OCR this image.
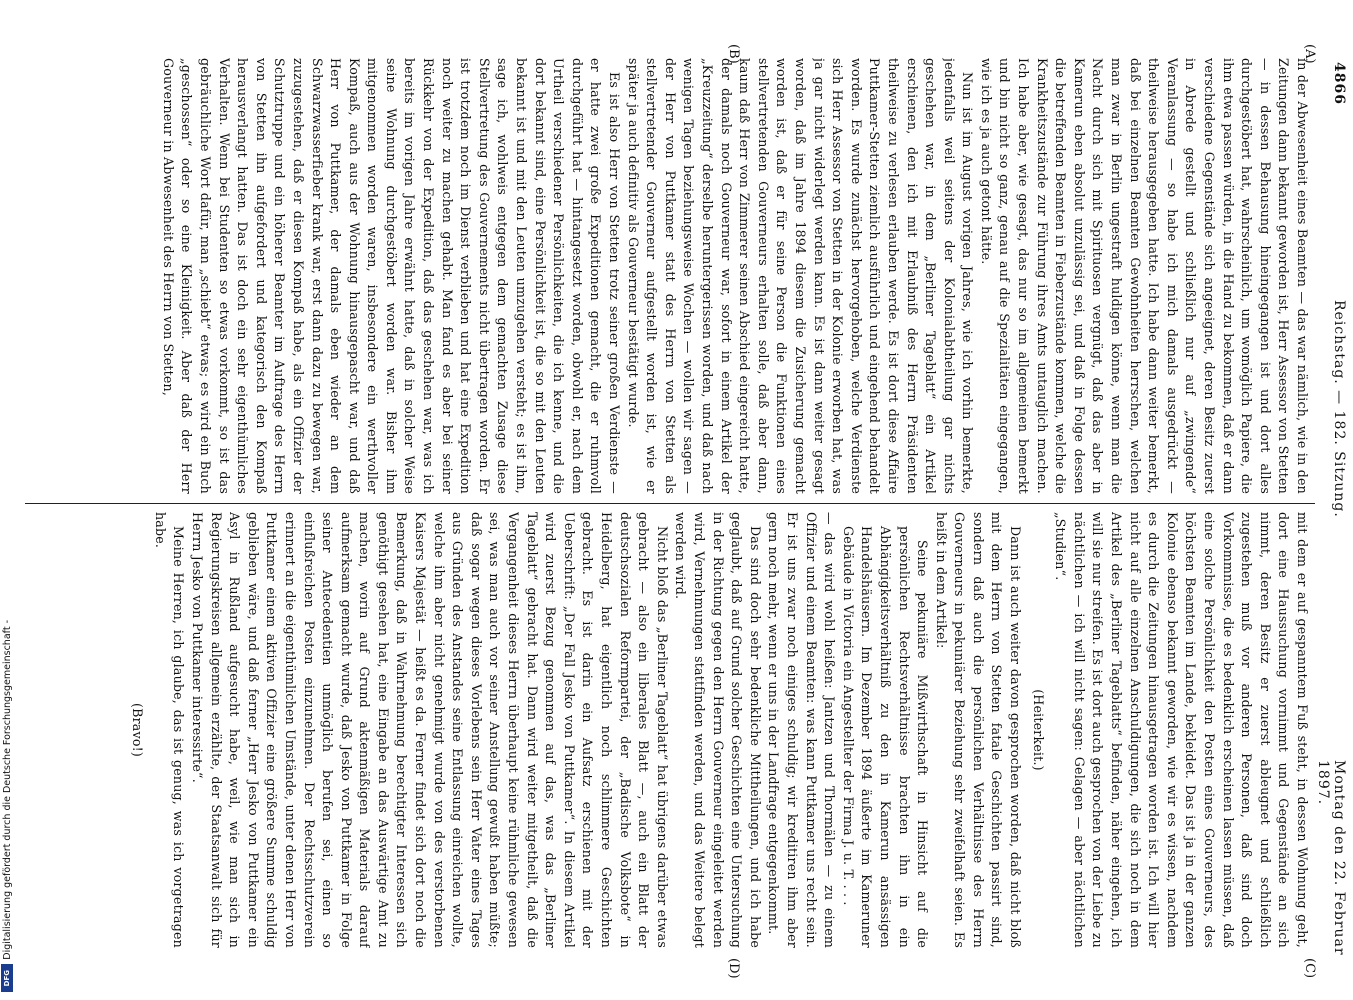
4866
Reichstag. — 182. Sitzung.
Montag den 22. Februar 1897.
(A)
(B)
(C)
(D)

in der Abwesenheit eines Beamten — das war nämlich, wie in den Zeitungen dann bekannt geworden ist, Herr Assessor von Stetten — in dessen Behausung hineingegangen ist und dort alles durchgestöbert hat, wahrscheinlich, um womöglich Papiere, die ihm etwa passen würden, in die Hand zu bekommen, daß er dann verschiedene Gegenstände sich angeeignet, deren Besitz zuerst in Abrede gestellt und schließlich nur auf „zwingende“ Veranlassung — so habe ich mich damals ausgedrückt — theilweise herausgegeben hatte. Ich habe dann weiter bemerkt, daß bei einzelnen Beamten Gewohnheiten herrschen, welchen man zwar in Berlin ungestraft huldigen könne, wenn man die Nacht durch sich mit Spirituosen vergnügt, daß das aber in Kamerun eben absolut unzulässig sei, und daß in Folge dessen die betreffenden Beamten in Fieberzustände kommen, welche die Krankheitszustände zur Führung ihres Amts untauglich machen. Ich habe aber, wie gesagt, das nur so im allgemeinen bemerkt und bin nicht so ganz, genau auf die Spezialitäten eingegangen, wie ich es ja auch getont hätte.

Nun ist im August vorigen Jahres, wie ich vorhin bemerkte, jedenfalls weil seitens der Kolonialabtheilung gar nichts geschehen war, in dem „Berliner Tageblatt“ ein Artikel erschienen, den ich mit Erlaubniß des Herrn Präsidenten theilweise zu verlesen erlauben werde. Es ist dort diese Affaire Puttkamer-Stetten ziemlich ausführlich und eingehend behandelt worden. Es wurde zunächst hervorgehoben, welche Verdienste sich Herr Assessor von Stetten in der Kolonie erworben hat, was ja gar nicht widerlegt werden kann. Es ist dann weiter gesagt worden, daß im Jahre 1894 diesem die Zusicherung gemacht worden ist, daß er für seine Person die Funktionen eines stellvertretenden Gouverneurs erhalten solle, daß aber dann, kaum daß Herr von Zimmerer seinen Abschied eingereicht hatte, der damals noch Gouverneur war, sofort in einem Artikel der „Kreuzzeitung“ derselbe heruntergerissen worden, und daß nach wenigen Tagen beziehungsweise Wochen — wollen wir sagen — der Herr von Puttkamer statt des Herrn von Stetten als stellvertretender Gouverneur aufgestellt worden ist, wie er später ja auch definitiv als Gouverneur bestätigt wurde.

Es ist also Herr von Stetten trotz seiner großen Verdienste — er hatte zwei große Expeditionen gemacht, die er ruhmvoll durchgeführt hat — hintangesetzt worden, obwohl er, nach dem Urtheil verschiedener Persönlichkeiten, die ich kenne, und die dort bekannt sind, eine Persönlichkeit ist, die so mit den Leuten bekannt ist und mit den Leuten umzugehen versteht; es ist ihm, sage ich, wohlweis entgegen dem gemachten Zusage diese Stellvertretung des Gouvernements nicht übertragen worden. Er ist trotzdem noch im Dienst verblieben und hat eine Expedition noch weiter zu machen gehabt. Man fand es aber bei seiner Rückkehr von der Expedition, daß das geschehen war, was ich bereits im vorigen Jahre erwähnt hatte, daß in solcher Weise seine Wohnung durchgestöbert worden war. Bisher ihm mitgenommen worden waren, insbesondere ein werthvoller Kompaß, auch aus der Wohnung hinausgepascht war, und daß Herr von Puttkamer, der damals eben wieder an dem Schwarzwasserfieber krank war, erst dann dazu zu bewegen war, zuzugestehen, daß er diesen Kompaß habe, als ein Offizier der Schutztruppe und ein höherer Beamter im Auftrage des Herrn von Stetten ihn aufgefordert und kategorisch den Kompaß herausverlangt hatten. Das ist doch ein sehr eigenthümliches Verhalten. Wenn bei Studenten so etwas vorkommt, so ist das gebräuchliche Wort dafür, man „schiebt“ etwas; es wird ein Buch „geschossen“ oder so eine Kleinigkeit. Aber daß der Herr Gouverneur in Abwesenheit des Herrn von Stetten,

mit dem er auf gespanntem Fuß steht, in dessen Wohnung geht, dort eine Haussuchung vornimmt und Gegenstände an sich nimmt, deren Besitz er zuerst ableugnet und schließlich zugestehen muß vor anderen Personen, daß sind doch Vorkommnisse, die es bedenklich erscheinen lassen müssen, daß eine solche Persönlichkeit den Posten eines Gouverneurs, des höchsten Beamten im Lande, bekleidet. Das ist ja in der ganzen Kolonie ebenso bekannt geworden, wie wir es wissen, nachdem es durch die Zeitungen hinausgetragen worden ist. Ich will hier nicht auf alle einzelnen Anschuldigungen, die sich noch in dem Artikel des „Berliner Tageblatts“ befinden, näher eingehen, ich will sie nur streifen. Es ist dort auch gesprochen von der Liebe zu nächtlichen — ich will nicht sagen: Gelagen — aber nächtlichen „Studien“.

(Heiterkeit.)

Dann ist auch weiter davon gesprochen worden, daß nicht bloß mit dem Herrn von Stetten fatale Geschichten passirt sind, sondern daß auch die persönlichen Verhältnisse des Herrn Gouverneurs in pekuniärer Beziehung sehr zweifelhaft seien. Es heißt in dem Artikel:

Seine pekuniäre Mißwirthschaft in Hinsicht auf die persönlichen Rechtsverhältnisse brachten ihn in ein Abhängigkeitsverhältniß zu den in Kamerun ansässigen Handelshäusern. Im Dezember 1894 äußerte im Kameruner Gebäude in Victoria ein Angestellter der Firma J. u. T. . . .

— das wird wohl heißen: Jantzen und Thormälen — zu einem Offizier und einem Beamten: was kann Puttkamer uns recht sein. Er ist uns zwar noch einiges schuldig; wir kreditiren ihm aber gern noch mehr, wenn er uns in der Landfrage entgegenkommt.

Das sind doch sehr bedenkliche Mittheilungen, und ich habe geglaubt, daß auf Grund solcher Geschichten eine Untersuchung in der Richtung gegen den Herrn Gouverneur eingeleitet werden wird, Vernehmungen stattfinden werden, und das Weitere belegt werden wird.

Nicht bloß das „Berliner Tageblatt“ hat übrigens darüber etwas gebracht — also ein liberales Blatt —, auch ein Blatt der deutschsozialen Reformpartei, der „Badische Volksbote“ in Heidelberg, hat eigentlich noch schlimmere Geschichten gebracht. Es ist darin ein Aufsatz erschienen mit der Ueberschrift: „Der Fall Jesko von Puttkamer“. In diesem Artikel wird zuerst Bezug genommen auf das, was das „Berliner Tageblatt“ gebracht hat. Dann wird weiter mitgetheilt, daß die Vergangenheit dieses Herrn überhaupt keine rühmliche gewesen sei, was man auch vor seiner Anstellung gewußt haben müßte; daß sogar wegen dieses Vorlebens sein Herr Vater eines Tages aus Gründen des Anstandes seine Entlassung einreichen wollte, welche ihm aber nicht genehmigt wurde von des verstorbenen Kaisers Majestät — heißt es da. Ferner findet sich dort noch die Bemerkung, daß in Wahrnehmung berechtigter Interessen sich genöthigt gesehen hat, eine Eingabe an das Auswärtige Amt zu machen, worin auf Grund aktenmäßigen Materials darauf aufmerksam gemacht wurde, daß Jesko von Puttkamer in Folge seiner Antecedentien unmöglich berufen sei, einen so einflußreichen Posten einzunehmen. Der Rechtsschutzverein erinnert an die eigenthümlichen Umstände, unter denen Herr von Puttkamer einem aktiven Offizier eine größere Summe schuldig geblieben wäre, und daß ferner „Herr Jesko von Puttkamer ein Asyl in Rußland aufgesucht habe, weil, wie man sich in Regierungskreisen allgemein erzählte, der Staatsanwalt sich für Herrn Jesko von Puttkamer interessirte“.

Meine Herren, ich glaube, das ist genug, was ich vorgetragen habe.

(Bravo!)

Digitalisierung gefördert durch die Deutsche Forschungsgemeinschaft -
DFG
